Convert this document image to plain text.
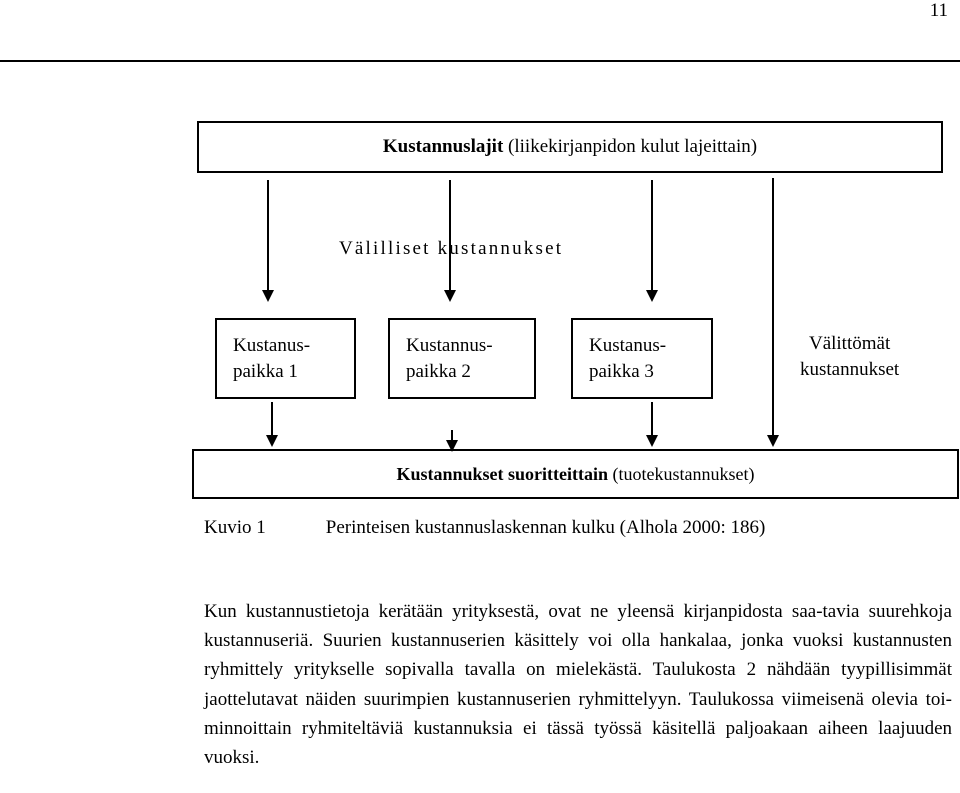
11
Kustannuslajit (liikekirjanpidon kulut lajeittain)
Välilliset kustannukset
Kustanus-
paikka 1
Kustannus-
paikka 2
Kustanus-
paikka 3
Välittömät
kustannukset
Kustannukset suoritteittain (tuotekustannukset)
Kuvio 1	Perinteisen kustannuslaskennan kulku (Alhola 2000: 186)
Kun kustannustietoja kerätään yrityksestä, ovat ne yleensä kirjanpidosta saa-tavia suurehkoja kustannuseriä. Suurien kustannuserien käsittely voi olla hankalaa, jonka vuoksi kustannusten ryhmittely yritykselle sopivalla tavalla on mielekästä. Taulukosta 2 nähdään tyypillisimmät jaottelutavat näiden suurimpien kustannuserien ryhmittelyyn. Taulukossa viimeisenä olevia toi-minnoittain ryhmiteltäviä kustannuksia ei tässä työssä käsitellä paljoakaan aiheen laajuuden vuoksi.
